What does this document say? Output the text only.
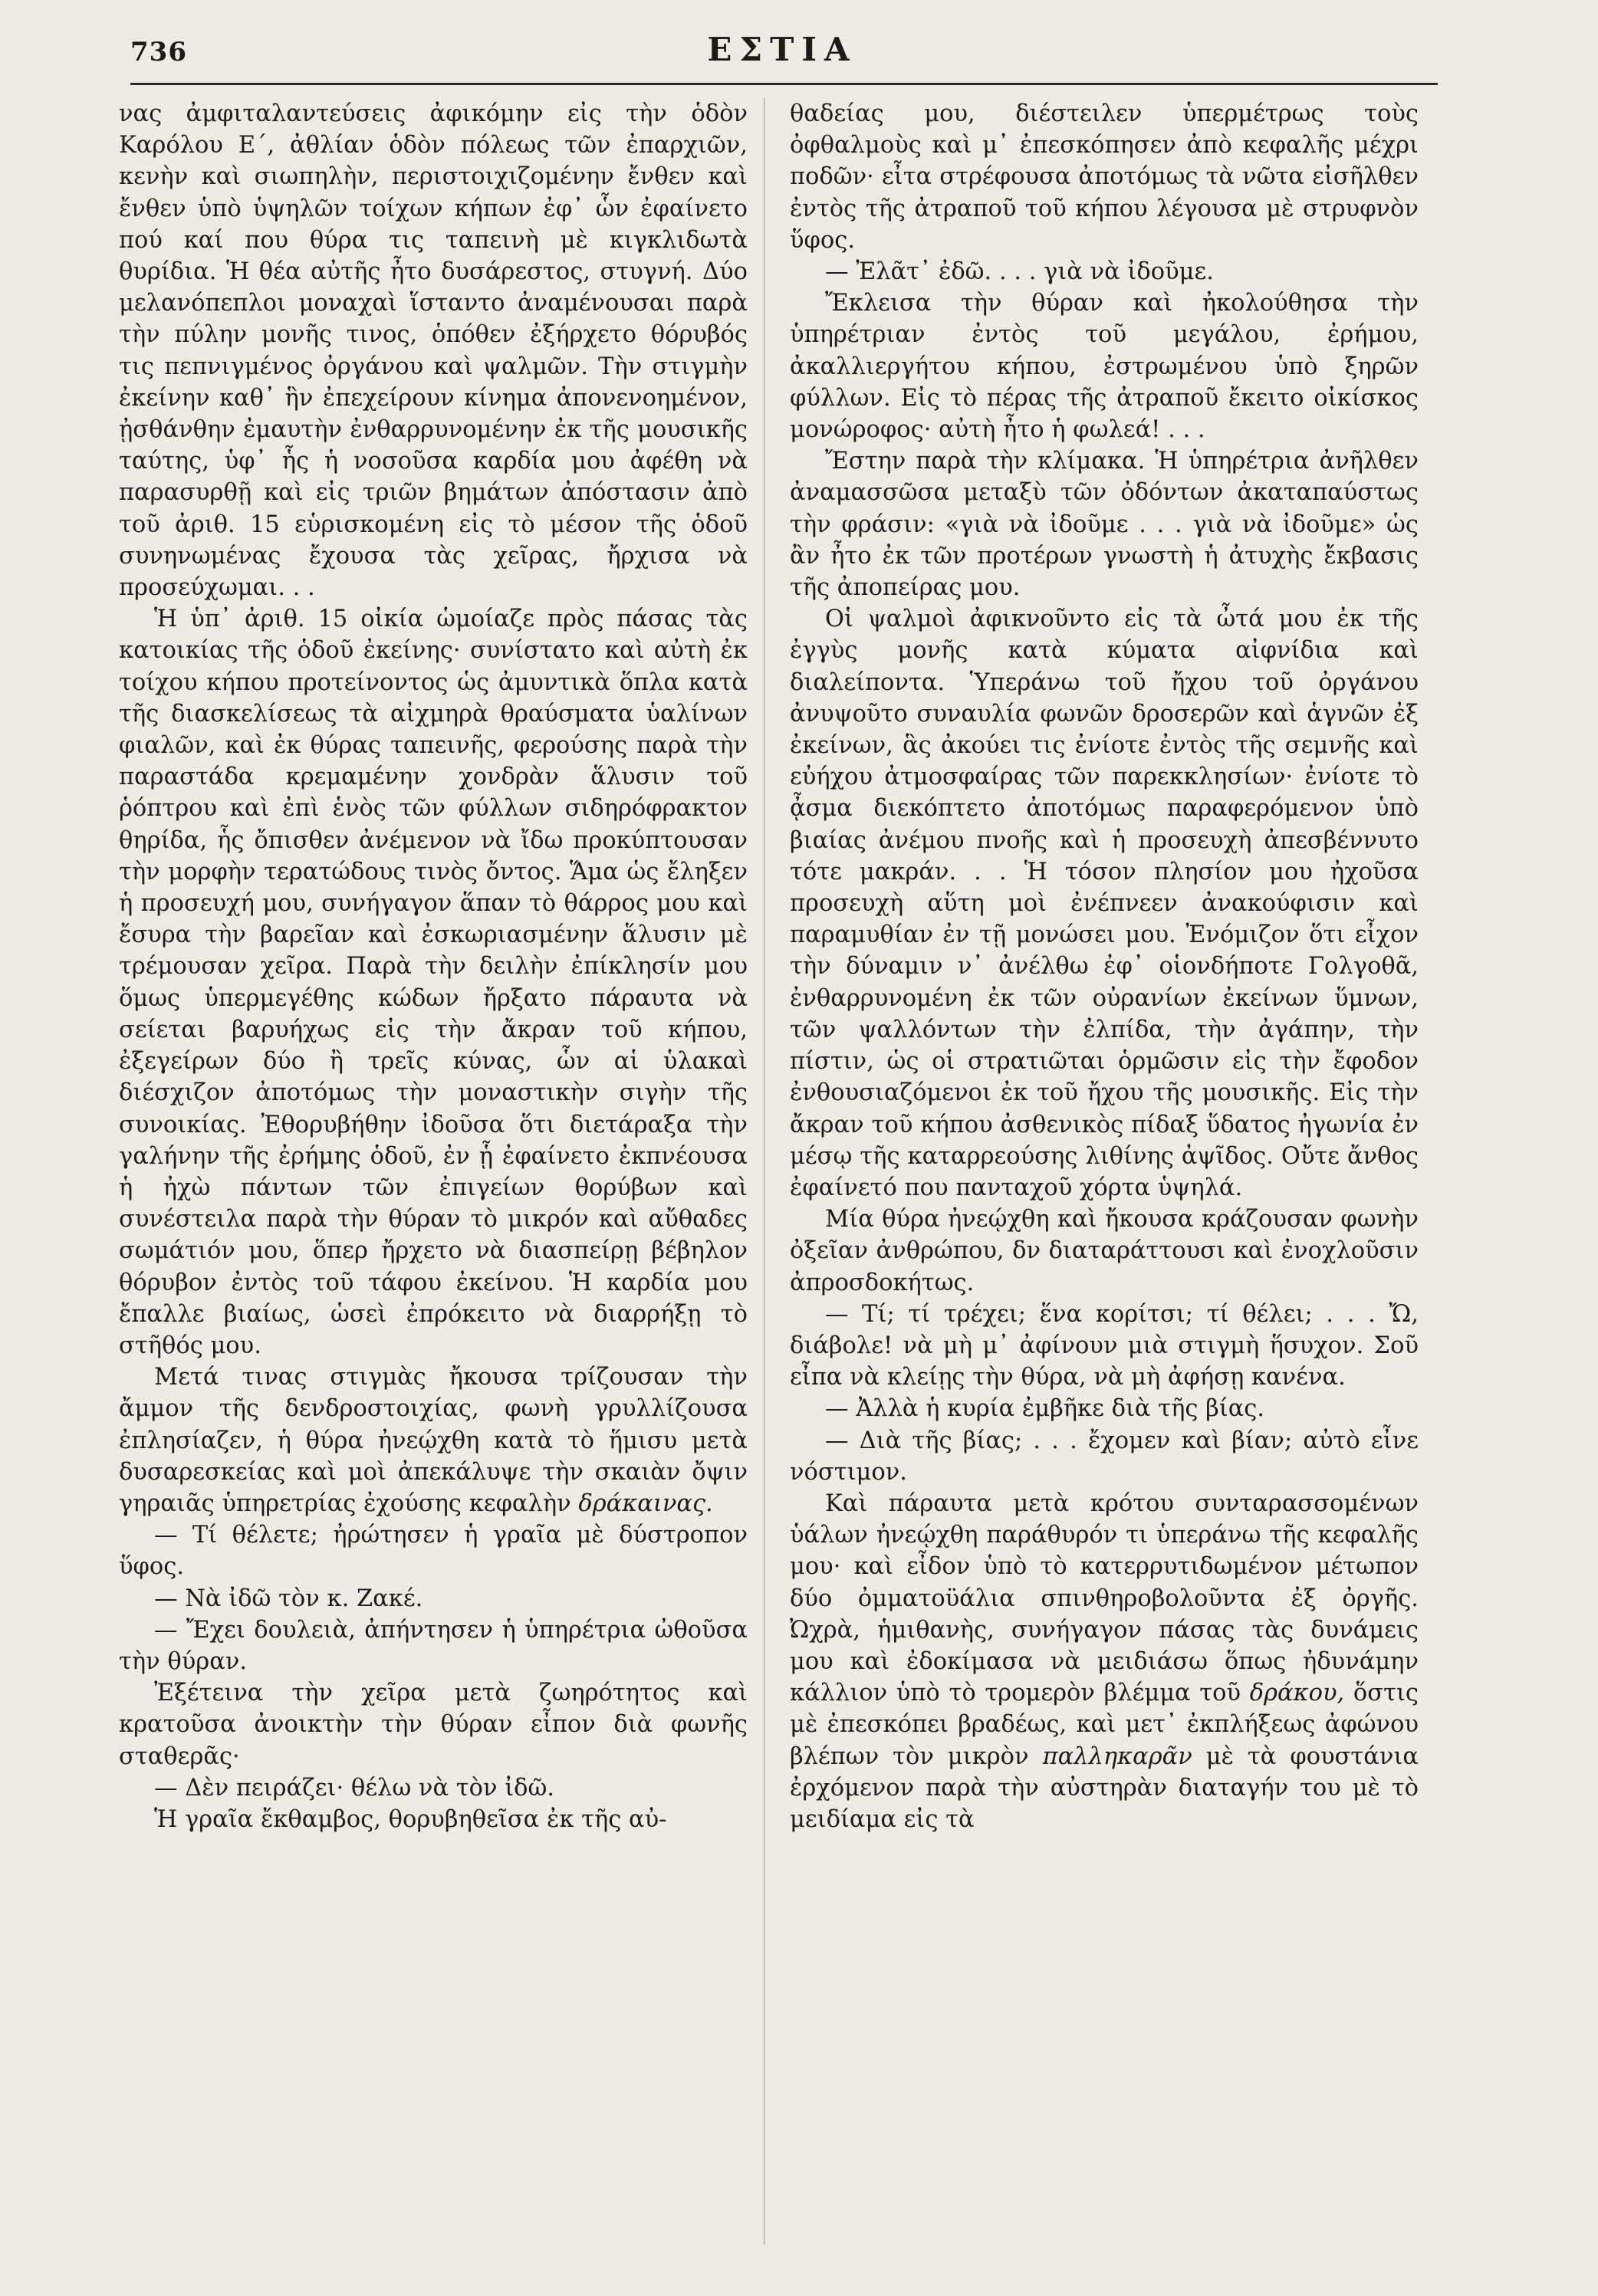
736	ΕΣΤΙΑ

νας ἀμφιταλαντεύσεις ἀφικόμην εἰς τὴν ὁδὸν Καρόλου Ε΄, ἀθλίαν ὁδὸν πόλεως τῶν ἐπαρχιῶν, κενὴν καὶ σιωπηλὴν, περιστοιχιζομένην ἔνθεν καὶ ἔνθεν ὑπὸ ὑψηλῶν τοίχων κήπων ἐφ᾽ ὧν ἐφαίνετο πού καί που θύρα τις ταπεινὴ μὲ κιγκλιδωτὰ θυρίδια. Ἡ θέα αὐτῆς ἦτο δυσάρεστος, στυγνή. Δύο μελανόπεπλοι μοναχαὶ ἵσταντο ἀναμένουσαι παρὰ τὴν πύλην μονῆς τινος, ὁπόθεν ἐξήρχετο θόρυβός τις πεπνιγμένος ὀργάνου καὶ ψαλμῶν. Τὴν στιγμὴν ἐκείνην καθ᾽ ἣν ἐπεχείρουν κίνημα ἀπονενοημένον, ᾐσθάνθην ἐμαυτὴν ἐνθαρρυνομένην ἐκ τῆς μουσικῆς ταύτης, ὑφ᾽ ἧς ἡ νοσοῦσα καρδία μου ἀφέθη νὰ παρασυρθῇ καὶ εἰς τριῶν βημάτων ἀπόστασιν ἀπὸ τοῦ ἀριθ. 15 εὑρισκομένη εἰς τὸ μέσον τῆς ὁδοῦ συνηνωμένας ἔχουσα τὰς χεῖρας, ἤρχισα νὰ προσεύχωμαι. . .

Ἡ ὑπ᾽ ἀριθ. 15 οἰκία ὡμοίαζε πρὸς πάσας τὰς κατοικίας τῆς ὁδοῦ ἐκείνης· συνίστατο καὶ αὐτὴ ἐκ τοίχου κήπου προτείνοντος ὡς ἀμυντικὰ ὅπλα κατὰ τῆς διασκελίσεως τὰ αἰχμηρὰ θραύσματα ὑαλίνων φιαλῶν, καὶ ἐκ θύρας ταπεινῆς, φερούσης παρὰ τὴν παραστάδα κρεμαμένην χονδρὰν ἅλυσιν τοῦ ῥόπτρου καὶ ἐπὶ ἑνὸς τῶν φύλλων σιδηρόφρακτον θηρίδα, ἧς ὄπισθεν ἀνέμενον νὰ ἴδω προκύπτουσαν τὴν μορφὴν τερατώδους τινὸς ὄντος. Ἅμα ὡς ἔληξεν ἡ προσευχή μου, συνήγαγον ἅπαν τὸ θάρρος μου καὶ ἔσυρα τὴν βαρεῖαν καὶ ἐσκωριασμένην ἅλυσιν μὲ τρέμουσαν χεῖρα. Παρὰ τὴν δειλὴν ἐπίκλησίν μου ὅμως ὑπερμεγέθης κώδων ἤρξατο πάραυτα νὰ σείεται βαρυήχως εἰς τὴν ἄκραν τοῦ κήπου, ἐξεγείρων δύο ἢ τρεῖς κύνας, ὧν αἱ ὑλακαὶ διέσχιζον ἀποτόμως τὴν μοναστικὴν σιγὴν τῆς συνοικίας. Ἐθορυβήθην ἰδοῦσα ὅτι διετάραξα τὴν γαλήνην τῆς ἐρήμης ὁδοῦ, ἐν ᾗ ἐφαίνετο ἐκπνέουσα ἡ ἠχὼ πάντων τῶν ἐπιγείων θορύβων καὶ συνέστειλα παρὰ τὴν θύραν τὸ μικρόν καὶ αὔθαδες σωμάτιόν μου, ὅπερ ἤρχετο νὰ διασπείρῃ βέβηλον θόρυβον ἐντὸς τοῦ τάφου ἐκείνου. Ἡ καρδία μου ἔπαλλε βιαίως, ὡσεὶ ἐπρόκειτο νὰ διαρρήξῃ τὸ στῆθός μου.

Μετά τινας στιγμὰς ἤκουσα τρίζουσαν τὴν ἄμμον τῆς δενδροστοιχίας, φωνὴ γρυλλίζουσα ἐπλησίαζεν, ἡ θύρα ἠνεῴχθη κατὰ τὸ ἥμισυ μετὰ δυσαρεσκείας καὶ μοὶ ἀπεκάλυψε τὴν σκαιὰν ὄψιν γηραιᾶς ὑπηρετρίας ἐχούσης κεφαλὴν δράκαινας.

— Τί θέλετε; ἠρώτησεν ἡ γραῖα μὲ δύστροπον ὕφος.

— Νὰ ἰδῶ τὸν κ. Ζακέ.

— Ἔχει δουλειὰ, ἀπήντησεν ἡ ὑπηρέτρια ὠθοῦσα τὴν θύραν.

Ἐξέτεινα τὴν χεῖρα μετὰ ζωηρότητος καὶ κρατοῦσα ἀνοικτὴν τὴν θύραν εἶπον διὰ φωνῆς σταθερᾶς·

— Δὲν πειράζει· θέλω νὰ τὸν ἰδῶ.

Ἡ γραῖα ἔκθαμβος, θορυβηθεῖσα ἐκ τῆς αὐ-

θαδείας μου, διέστειλεν ὑπερμέτρως τοὺς ὀφθαλμοὺς καὶ μ᾽ ἐπεσκόπησεν ἀπὸ κεφαλῆς μέχρι ποδῶν· εἶτα στρέφουσα ἀποτόμως τὰ νῶτα εἰσῆλθεν ἐντὸς τῆς ἀτραποῦ τοῦ κήπου λέγουσα μὲ στρυφνὸν ὕφος.

— Ἐλᾶτ᾽ ἐδῶ. . . . γιὰ νὰ ἰδοῦμε.

Ἔκλεισα τὴν θύραν καὶ ἠκολούθησα τὴν ὑπηρέτριαν ἐντὸς τοῦ μεγάλου, ἐρήμου, ἀκαλλιεργήτου κήπου, ἐστρωμένου ὑπὸ ξηρῶν φύλλων. Εἰς τὸ πέρας τῆς ἀτραποῦ ἔκειτο οἰκίσκος μονώροφος· αὐτὴ ἦτο ἡ φωλεά! . . .

Ἔστην παρὰ τὴν κλίμακα. Ἡ ὑπηρέτρια ἀνῆλθεν ἀναμασσῶσα μεταξὺ τῶν ὀδόντων ἀκαταπαύστως τὴν φράσιν: «γιὰ νὰ ἰδοῦμε . . . γιὰ νὰ ἰδοῦμε» ὡς ἂν ἦτο ἐκ τῶν προτέρων γνωστὴ ἡ ἀτυχὴς ἔκβασις τῆς ἀποπείρας μου.

Οἱ ψαλμοὶ ἀφικνοῦντο εἰς τὰ ὦτά μου ἐκ τῆς ἐγγὺς μονῆς κατὰ κύματα αἰφνίδια καὶ διαλείποντα. Ὑπεράνω τοῦ ἤχου τοῦ ὀργάνου ἀνυψοῦτο συναυλία φωνῶν δροσερῶν καὶ ἁγνῶν ἐξ ἐκείνων, ἃς ἀκούει τις ἐνίοτε ἐντὸς τῆς σεμνῆς καὶ εὐήχου ἀτμοσφαίρας τῶν παρεκκλησίων· ἐνίοτε τὸ ᾆσμα διεκόπτετο ἀποτόμως παραφερόμενον ὑπὸ βιαίας ἀνέμου πνοῆς καὶ ἡ προσευχὴ ἀπεσβέννυτο τότε μακράν. . . Ἡ τόσον πλησίον μου ἠχοῦσα προσευχὴ αὕτη μοὶ ἐνέπνεεν ἀνακούφισιν καὶ παραμυθίαν ἐν τῇ μονώσει μου. Ἐνόμιζον ὅτι εἶχον τὴν δύναμιν ν᾽ ἀνέλθω ἐφ᾽ οἱονδήποτε Γολγοθᾶ, ἐνθαρρυνομένη ἐκ τῶν οὐρανίων ἐκείνων ὕμνων, τῶν ψαλλόντων τὴν ἐλπίδα, τὴν ἀγάπην, τὴν πίστιν, ὡς οἱ στρατιῶται ὁρμῶσιν εἰς τὴν ἔφοδον ἐνθουσιαζόμενοι ἐκ τοῦ ἤχου τῆς μουσικῆς. Εἰς τὴν ἄκραν τοῦ κήπου ἀσθενικὸς πίδαξ ὕδατος ἠγωνία ἐν μέσῳ τῆς καταρρεούσης λιθίνης ἀψῖδος. Οὔτε ἄνθος ἐφαίνετό που πανταχοῦ χόρτα ὑψηλά.

Μία θύρα ἠνεῴχθη καὶ ἤκουσα κράζουσαν φωνὴν ὀξεῖαν ἀνθρώπου, δν διαταράττουσι καὶ ἐνοχλοῦσιν ἀπροσδοκήτως.

— Τί; τί τρέχει; ἕνα κορίτσι; τί θέλει; . . . Ὤ, διάβολε! νὰ μὴ μ᾽ ἀφίνουν μιὰ στιγμὴ ἥσυχον. Σοῦ εἶπα νὰ κλείῃς τὴν θύρα, νὰ μὴ ἀφήσῃ κανένα.

— Ἀλλὰ ἡ κυρία ἐμβῆκε διὰ τῆς βίας.

— Διὰ τῆς βίας; . . . ἔχομεν καὶ βίαν; αὐτὸ εἶνε νόστιμον.

Καὶ πάραυτα μετὰ κρότου συνταρασσομένων ὑάλων ἠνεῴχθη παράθυρόν τι ὑπεράνω τῆς κεφαλῆς μου· καὶ εἶδον ὑπὸ τὸ κατερρυτιδωμένον μέτωπον δύο ὀμματοϋάλια σπινθηροβολοῦντα ἐξ ὀργῆς. Ὠχρὰ, ἡμιθανὴς, συνήγαγον πάσας τὰς δυνάμεις μου καὶ ἐδοκίμασα νὰ μειδιάσω ὅπως ἠδυνάμην κάλλιον ὑπὸ τὸ τρομερὸν βλέμμα τοῦ δράκου, ὅστις μὲ ἐπεσκόπει βραδέως, καὶ μετ᾽ ἐκπλήξεως ἀφώνου βλέπων τὸν μικρὸν παλληκαρᾶν μὲ τὰ φουστάνια ἐρχόμενον παρὰ τὴν αὐστηρὰν διαταγήν του μὲ τὸ μειδίαμα εἰς τὰ
